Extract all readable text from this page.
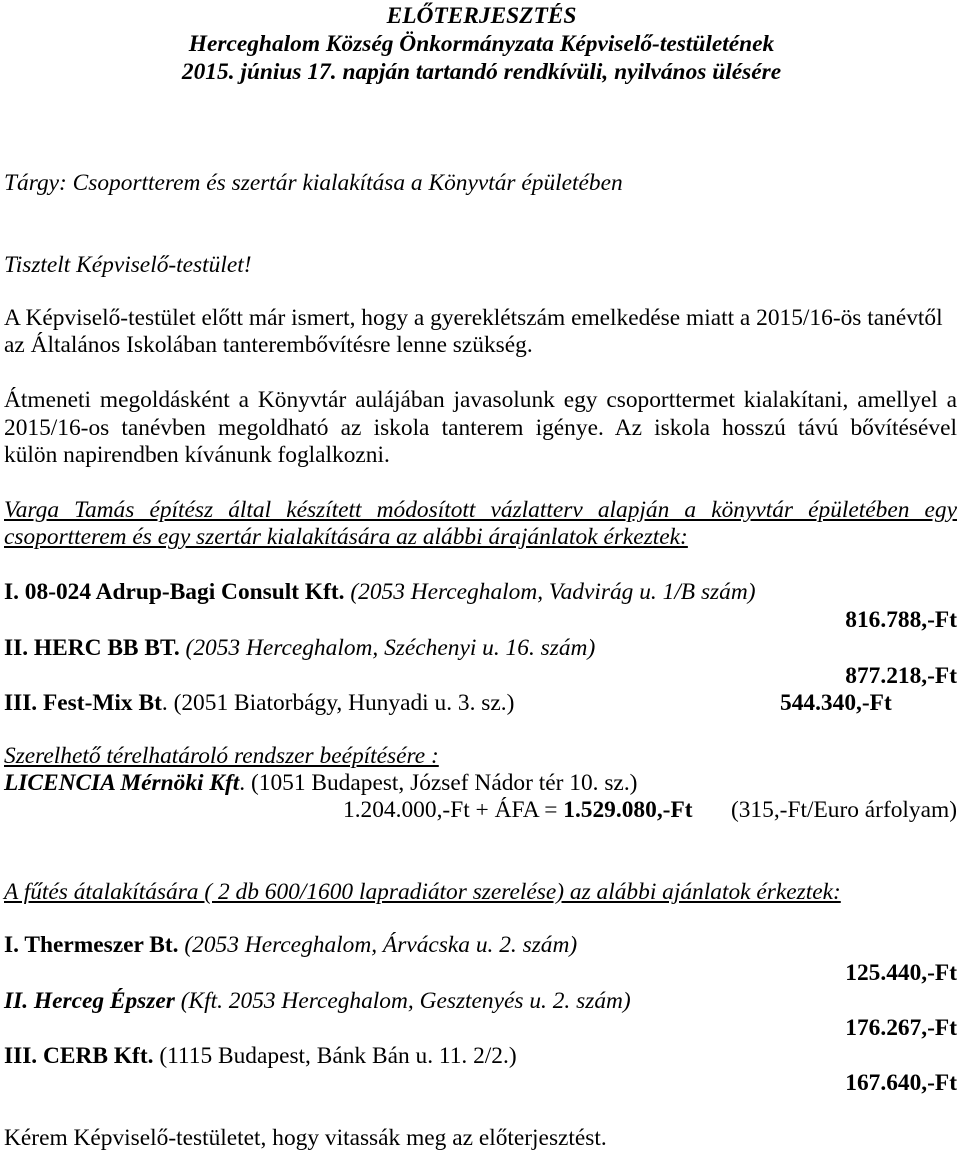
ELŐTERJESZTÉS
Herceghalom Község Önkormányzata Képviselő-testületének
2015. június 17. napján tartandó rendkívüli, nyilvános ülésére
Tárgy: Csoportterem és szertár kialakítása a Könyvtár épületében
Tisztelt Képviselő-testület!
A Képviselő-testület előtt már ismert, hogy a gyereklétszám emelkedése miatt a 2015/16-ös tanévtől
az Általános Iskolában tanterembővítésre lenne szükség.
Átmeneti megoldásként a Könyvtár aulájában javasolunk egy csoporttermet kialakítani, amellyel a
2015/16-os tanévben megoldható az iskola tanterem igénye. Az iskola hosszú távú bővítésével
külön napirendben kívánunk foglalkozni.
Varga Tamás építész által készített módosított vázlatterv alapján a könyvtár épületében egy
csoportterem és egy szertár kialakítására az alábbi árajánlatok érkeztek:
I. 08-024 Adrup-Bagi Consult Kft. (2053 Herceghalom, Vadvirág u. 1/B szám)
816.788,-Ft
II. HERC BB BT. (2053 Herceghalom, Széchenyi u. 16. szám)
877.218,-Ft
III. Fest-Mix Bt. (2051 Biatorbágy, Hunyadi u. 3. sz.)	544.340,-Ft
Szerelhető térelhatároló rendszer beépítésére :
LICENCIA Mérnöki Kft. (1051 Budapest, József Nádor tér 10. sz.)
1.204.000,-Ft + ÁFA = 1.529.080,-Ft (315,-Ft/Euro árfolyam)
A fűtés átalakítására ( 2 db 600/1600 lapradiátor szerelése) az alábbi ajánlatok érkeztek:
I. Thermeszer Bt. (2053 Herceghalom, Árvácska u. 2. szám)
125.440,-Ft
II. Herceg Épszer (Kft. 2053 Herceghalom, Gesztenyés u. 2. szám)
176.267,-Ft
III. CERB Kft. (1115 Budapest, Bánk Bán u. 11. 2/2.)
167.640,-Ft
Kérem Képviselő-testületet, hogy vitassák meg az előterjesztést.
